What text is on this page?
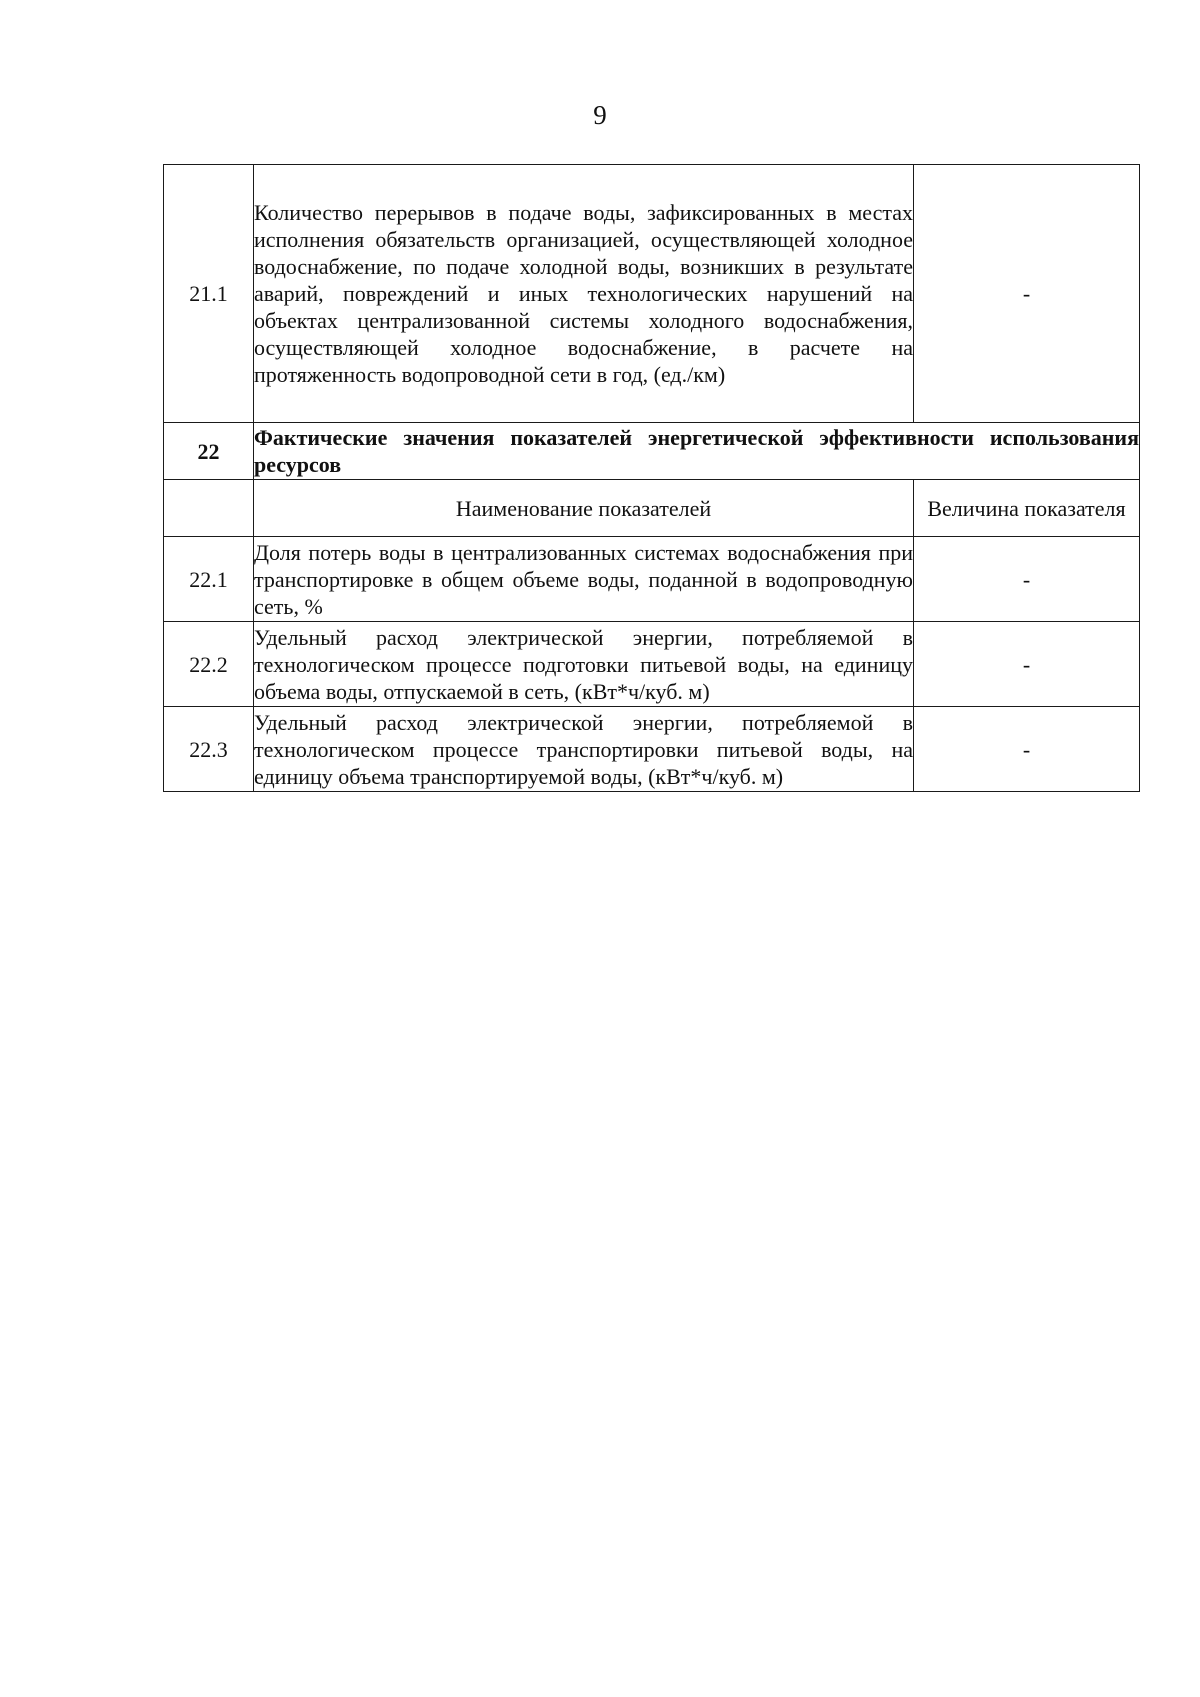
9
21.1	Количество перерывов в подаче воды, зафиксированных в местах исполнения обязательств организацией, осуществляющей холодное водоснабжение, по подаче холодной воды, возникших в результате аварий, повреждений и иных технологических нарушений на объектах централизованной системы холодного водоснабжения, осуществляющей холодное водоснабжение, в расчете на протяженность водопроводной сети в год, (ед./км)	-
22	Фактические значения показателей энергетической эффективности использования ресурсов	
	Наименование показателей	Величина показателя
22.1	Доля потерь воды в централизованных системах водоснабжения при транспортировке в общем объеме воды, поданной в водопроводную сеть, %	-
22.2	Удельный расход электрической энергии, потребляемой в технологическом процессе подготовки питьевой воды, на единицу объема воды, отпускаемой в сеть, (кВт*ч/куб. м)	-
22.3	Удельный расход электрической энергии, потребляемой в технологическом процессе транспортировки питьевой воды, на единицу объема транспортируемой воды, (кВт*ч/куб. м)	-
